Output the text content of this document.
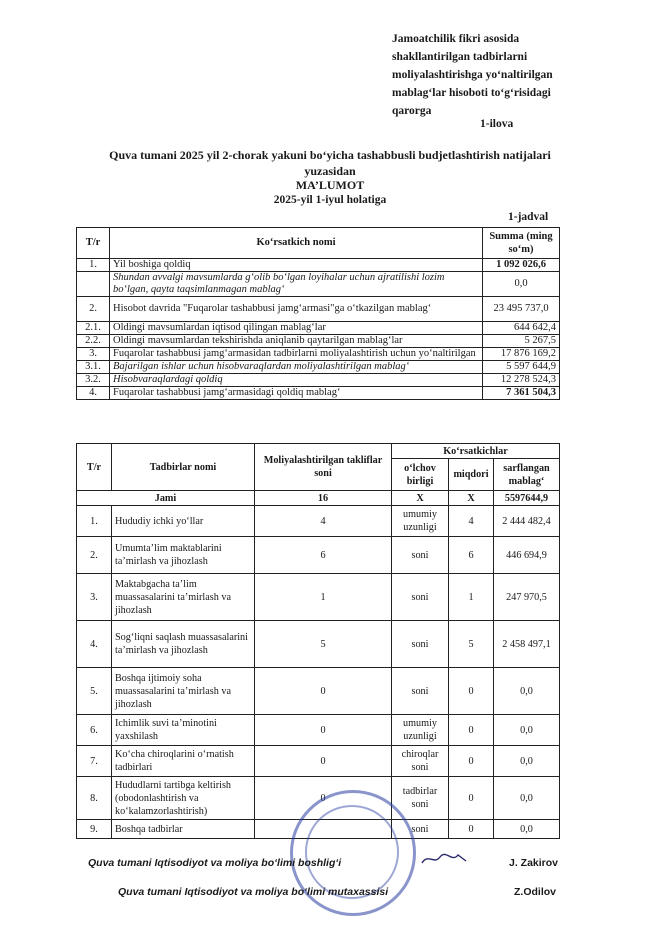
Jamoatchilik fikri asosida
shakllantirilgan tadbirlarni
moliyalashtirishga yo‘naltirilgan
mablag‘lar hisoboti to‘g‘risidagi
qarorga
1-ilova
Quva tumani 2025 yil 2-chorak yakuni bo‘yicha tashabbusli budjetlashtirish natijalari
yuzasidan
MA’LUMOT
2025-yil 1-iyul holatiga
1-jadval
T/r	Ko‘rsatkich nomi	Summa (ming so‘m)
1.	Yil boshiga qoldiq	1 092 026,6
	Shundan avvalgi mavsumlarda g‘olib bo‘lgan loyihalar uchun ajratilishi lozim bo‘lgan, qayta taqsimlanmagan mablag‘	0,0
2.	Hisobot davrida "Fuqarolar tashabbusi jamg‘armasi"ga o‘tkazilgan mablag‘	23 495 737,0
2.1.	Oldingi mavsumlardan iqtisod qilingan mablag‘lar	644 642,4
2.2.	Oldingi mavsumlardan tekshirishda aniqlanib qaytarilgan mablag‘lar	5 267,5
3.	Fuqarolar tashabbusi jamg‘armasidan tadbirlarni moliyalashtirish uchun yo‘naltirilgan	17 876 169,2
3.1.	Bajarilgan ishlar uchun hisobvaraqlardan moliyalashtirilgan mablag‘	5 597 644,9
3.2.	Hisobvaraqlardagi qoldiq	12 278 524,3
4.	Fuqarolar tashabbusi jamg‘armasidagi qoldiq mablag‘	7 361 504,3
T/r	Tadbirlar nomi	Moliyalashtirilgan takliflar soni	Ko‘rsatkichlar		
			o‘lchov birligi	miqdori	sarflangan mablag‘
Jami		16	X	X	5597644,9
1.	Hududiy ichki yo‘llar	4	umumiy uzunligi	4	2 444 482,4
2.	Umumta’lim maktablarini ta’mirlash va jihozlash	6	soni	6	446 694,9
3.	Maktabgacha ta’lim muassasalarini ta’mirlash va jihozlash	1	soni	1	247 970,5
4.	Sog‘liqni saqlash muassasalarini ta’mirlash va jihozlash	5	soni	5	2 458 497,1
5.	Boshqa ijtimoiy soha muassasalarini ta’mirlash va jihozlash	0	soni	0	0,0
6.	Ichimlik suvi ta’minotini yaxshilash	0	umumiy uzunligi	0	0,0
7.	Ko‘cha chiroqlarini o‘rnatish tadbirlari	0	chiroqlar soni	0	0,0
8.	Hududlarni tartibga keltirish (obodonlashtirish va ko‘kalamzorlashtirish)	0	tadbirlar soni	0	0,0
9.	Boshqa tadbirlar		soni	0	0,0
Quva tumani Iqtisodiyot va moliya bo‘limi boshlig‘i	J. Zakirov
Quva tumani Iqtisodiyot va moliya bo‘limi mutaxassisi	Z.Odilov
